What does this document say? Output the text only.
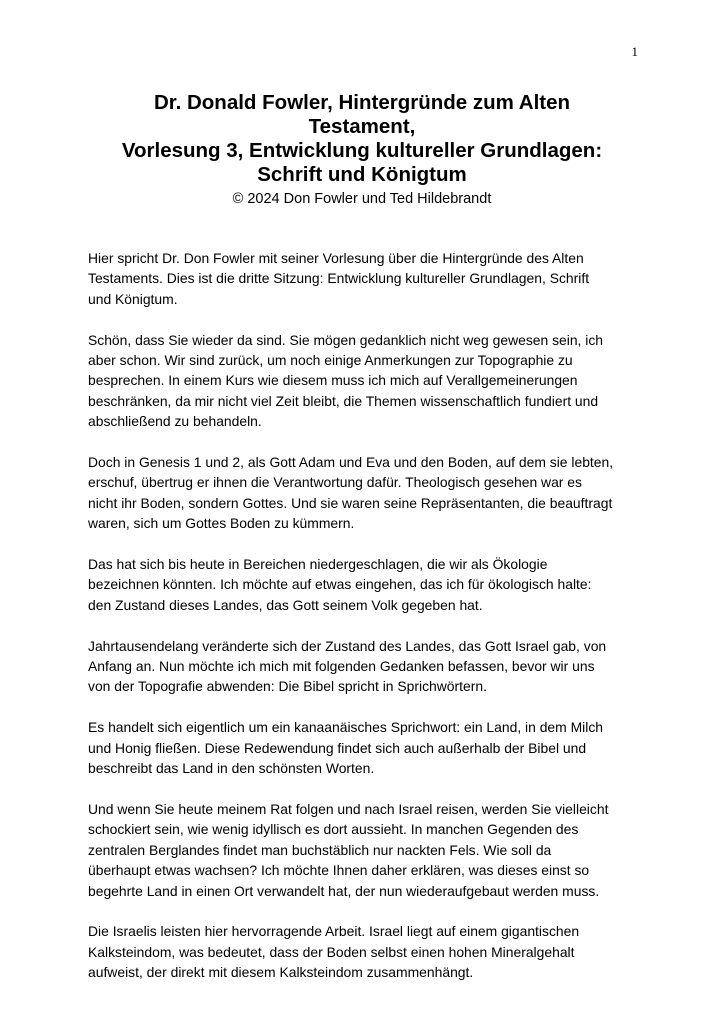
1
Dr. Donald Fowler, Hintergründe zum Alten
Testament,
Vorlesung 3, Entwicklung kultureller Grundlagen:
Schrift und Königtum
© 2024 Don Fowler und Ted Hildebrandt

Hier spricht Dr. Don Fowler mit seiner Vorlesung über die Hintergründe des Alten
Testaments. Dies ist die dritte Sitzung: Entwicklung kultureller Grundlagen, Schrift
und Königtum.

Schön, dass Sie wieder da sind. Sie mögen gedanklich nicht weg gewesen sein, ich
aber schon. Wir sind zurück, um noch einige Anmerkungen zur Topographie zu
besprechen. In einem Kurs wie diesem muss ich mich auf Verallgemeinerungen
beschränken, da mir nicht viel Zeit bleibt, die Themen wissenschaftlich fundiert und
abschließend zu behandeln.

Doch in Genesis 1 und 2, als Gott Adam und Eva und den Boden, auf dem sie lebten,
erschuf, übertrug er ihnen die Verantwortung dafür. Theologisch gesehen war es
nicht ihr Boden, sondern Gottes. Und sie waren seine Repräsentanten, die beauftragt
waren, sich um Gottes Boden zu kümmern.

Das hat sich bis heute in Bereichen niedergeschlagen, die wir als Ökologie
bezeichnen könnten. Ich möchte auf etwas eingehen, das ich für ökologisch halte:
den Zustand dieses Landes, das Gott seinem Volk gegeben hat.

Jahrtausendelang veränderte sich der Zustand des Landes, das Gott Israel gab, von
Anfang an. Nun möchte ich mich mit folgenden Gedanken befassen, bevor wir uns
von der Topografie abwenden: Die Bibel spricht in Sprichwörtern.

Es handelt sich eigentlich um ein kanaanäisches Sprichwort: ein Land, in dem Milch
und Honig fließen. Diese Redewendung findet sich auch außerhalb der Bibel und
beschreibt das Land in den schönsten Worten.

Und wenn Sie heute meinem Rat folgen und nach Israel reisen, werden Sie vielleicht
schockiert sein, wie wenig idyllisch es dort aussieht. In manchen Gegenden des
zentralen Berglandes findet man buchstäblich nur nackten Fels. Wie soll da
überhaupt etwas wachsen? Ich möchte Ihnen daher erklären, was dieses einst so
begehrte Land in einen Ort verwandelt hat, der nun wiederaufgebaut werden muss.

Die Israelis leisten hier hervorragende Arbeit. Israel liegt auf einem gigantischen
Kalksteindom, was bedeutet, dass der Boden selbst einen hohen Mineralgehalt
aufweist, der direkt mit diesem Kalksteindom zusammenhängt.
